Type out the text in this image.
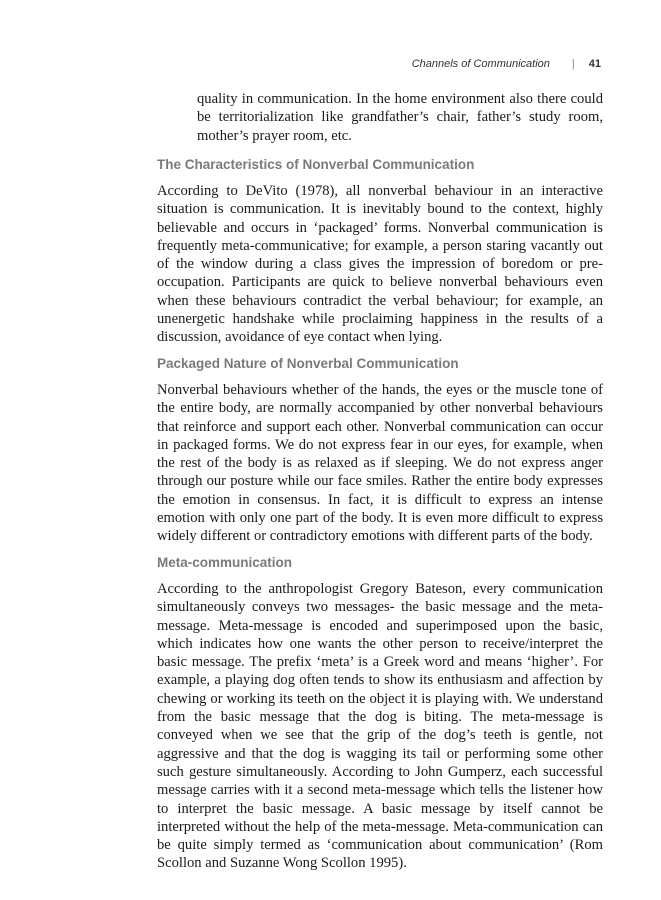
Channels of Communication | 41

quality in communication. In the home environment also there could be territorialization like grandfather’s chair, father’s study room, mother’s prayer room, etc.

The Characteristics of Nonverbal Communication

According to DeVito (1978), all nonverbal behaviour in an interactive situation is communication. It is inevitably bound to the context, highly believable and occurs in ‘packaged’ forms. Nonverbal communication is frequently meta-communicative; for example, a person staring vacantly out of the window during a class gives the impression of boredom or pre-occupation. Participants are quick to believe nonverbal behaviours even when these behaviours contradict the verbal behaviour; for example, an unenergetic handshake while proclaiming happiness in the results of a discussion, avoidance of eye contact when lying.

Packaged Nature of Nonverbal Communication

Nonverbal behaviours whether of the hands, the eyes or the muscle tone of the entire body, are normally accompanied by other nonverbal behaviours that reinforce and support each other. Nonverbal communication can occur in packaged forms. We do not express fear in our eyes, for example, when the rest of the body is as relaxed as if sleeping. We do not express anger through our posture while our face smiles. Rather the entire body expresses the emotion in consensus. In fact, it is difficult to express an intense emotion with only one part of the body. It is even more difficult to express widely different or contradictory emotions with different parts of the body.

Meta-communication

According to the anthropologist Gregory Bateson, every communication simultaneously conveys two messages- the basic message and the meta-message. Meta-message is encoded and superimposed upon the basic, which indicates how one wants the other person to receive/interpret the basic message. The prefix ‘meta’ is a Greek word and means ‘higher’. For example, a playing dog often tends to show its enthusiasm and affection by chewing or working its teeth on the object it is playing with. We understand from the basic message that the dog is biting. The meta-message is conveyed when we see that the grip of the dog’s teeth is gentle, not aggressive and that the dog is wagging its tail or performing some other such gesture simultaneously. According to John Gumperz, each successful message carries with it a second meta-message which tells the listener how to interpret the basic message. A basic message by itself cannot be interpreted without the help of the meta-message. Meta-communication can be quite simply termed as ‘communication about communication’ (Rom Scollon and Suzanne Wong Scollon 1995).
